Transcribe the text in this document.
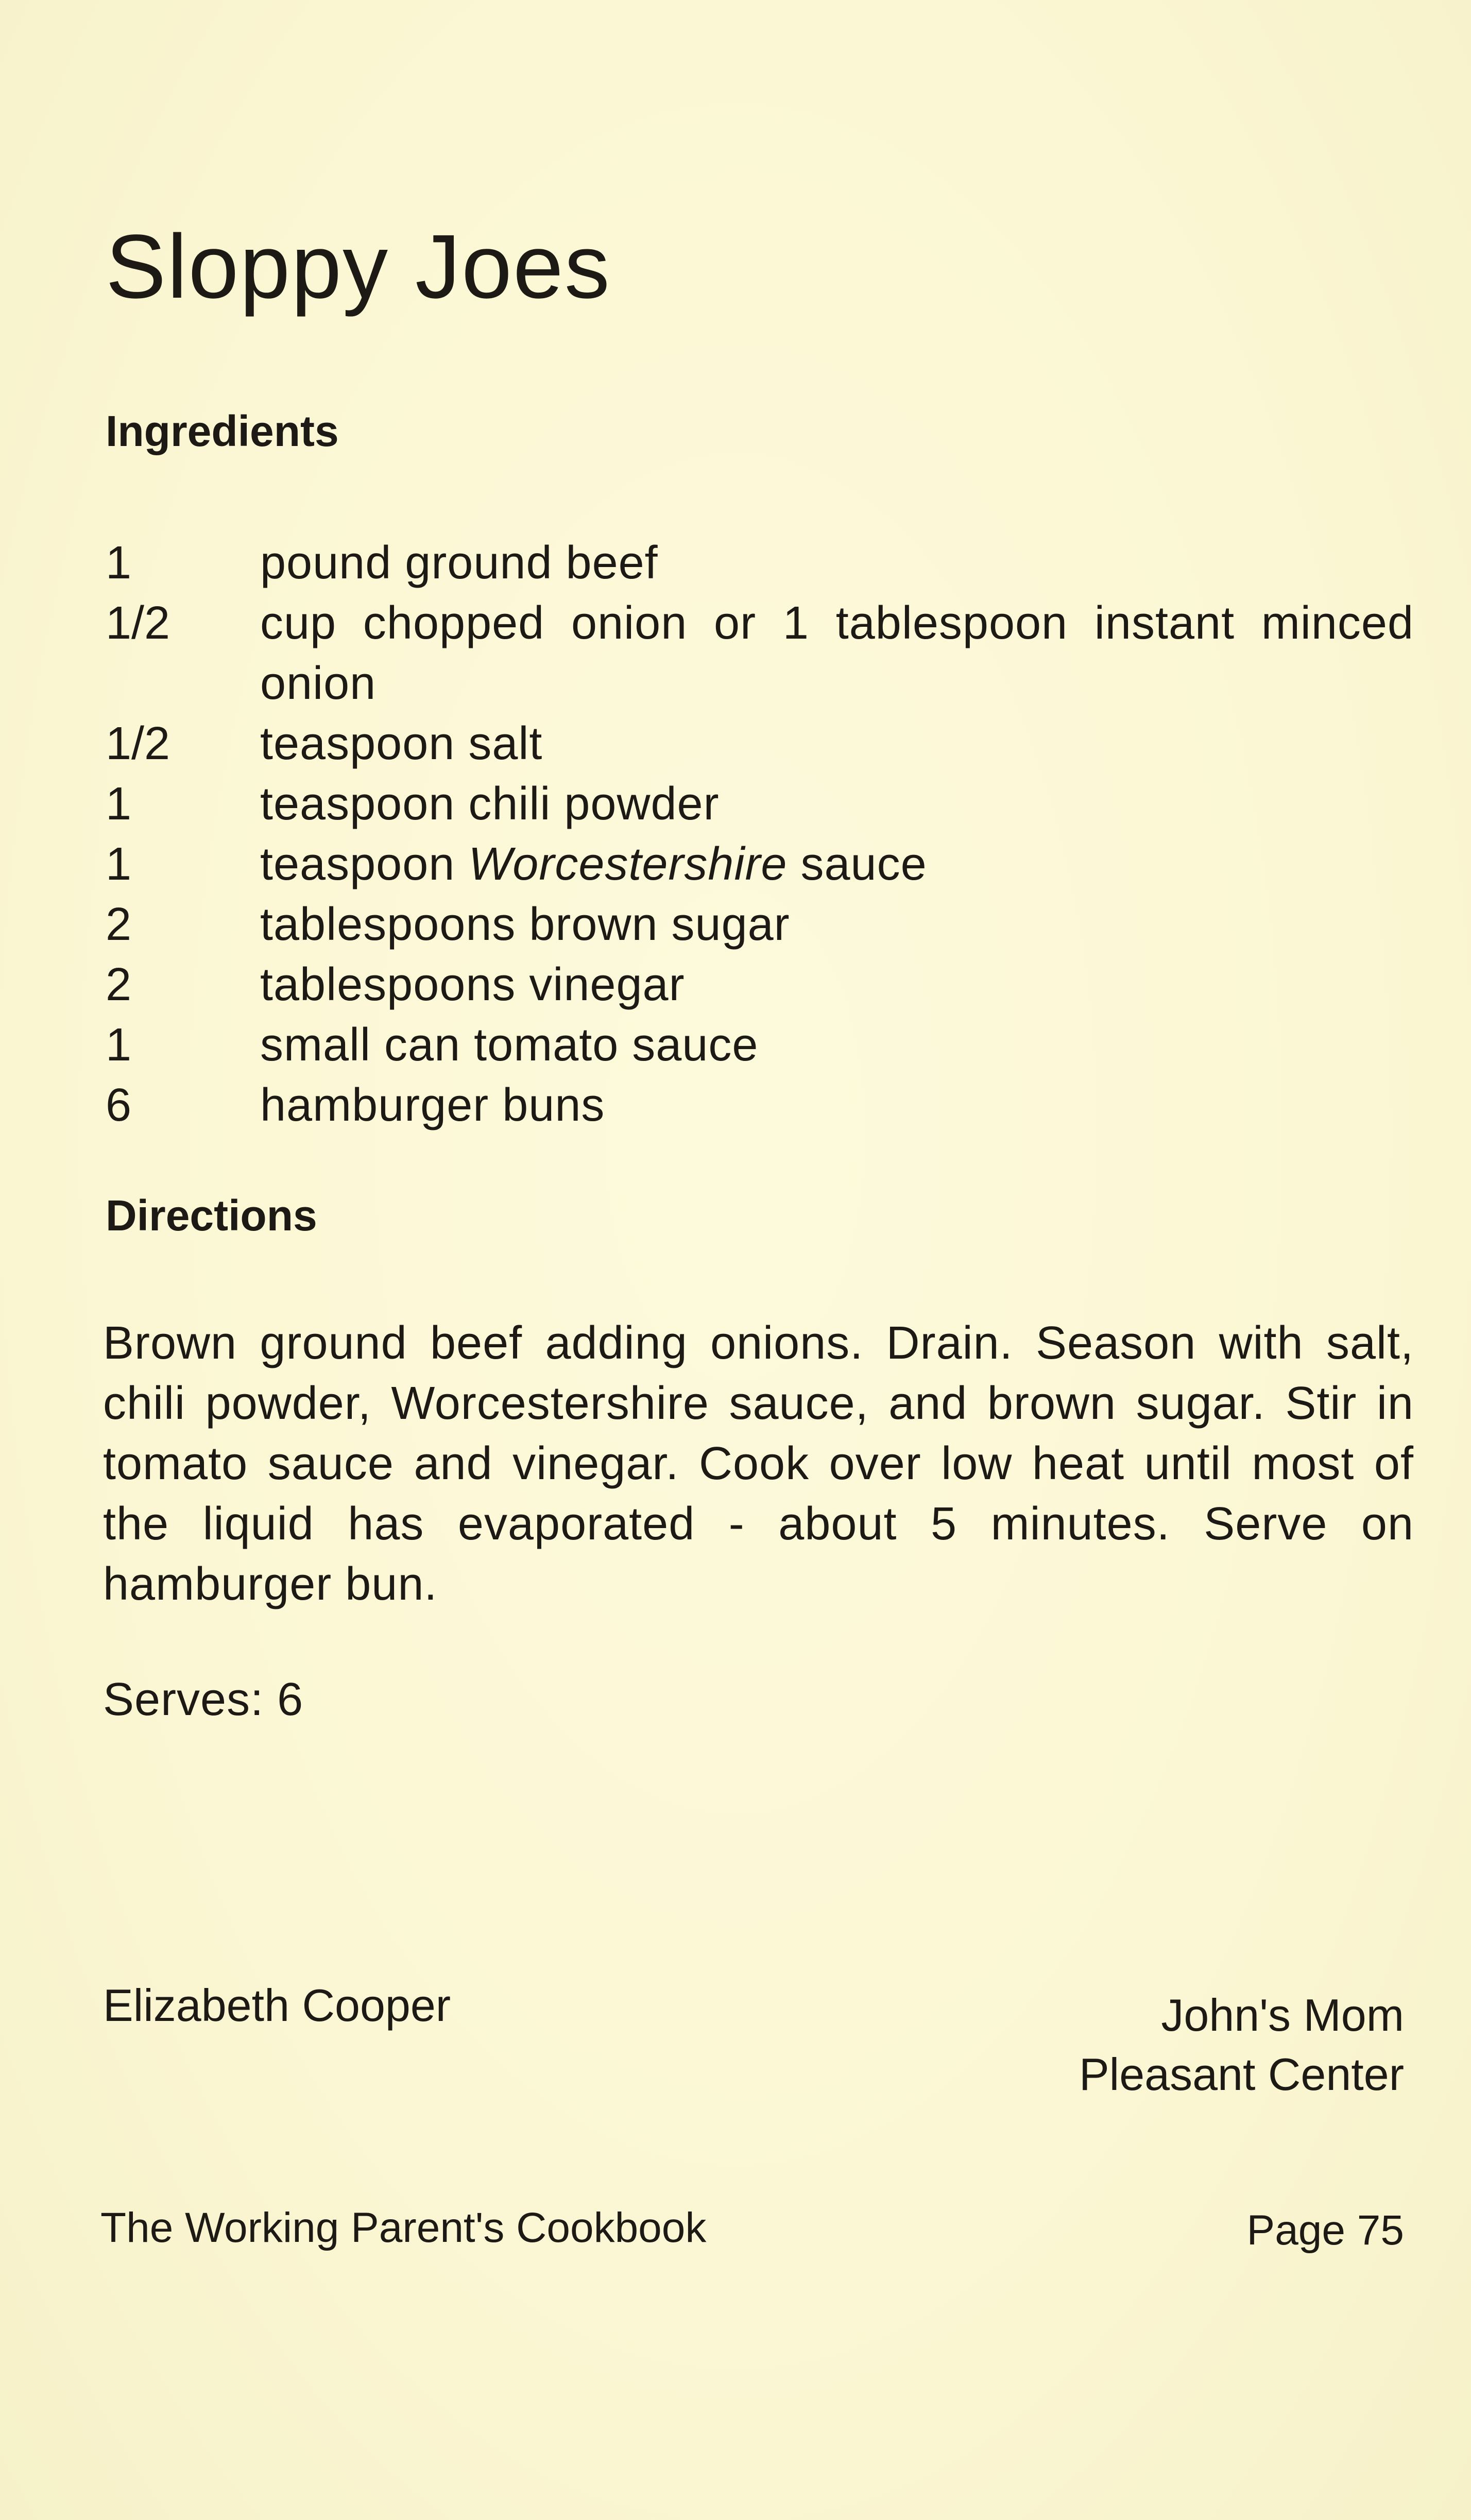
Sloppy Joes
Ingredients
1	pound ground beef
1/2	cup chopped onion or 1 tablespoon instant minced onion
1/2	teaspoon salt
1	teaspoon chili powder
1	teaspoon Worcestershire sauce
2	tablespoons brown sugar
2	tablespoons vinegar
1	small can tomato sauce
6	hamburger buns
Directions

Brown ground beef adding onions. Drain. Season with salt, chili powder, Worcestershire sauce, and brown sugar. Stir in tomato sauce and vinegar. Cook over low heat until most of the liquid has evaporated - about 5 minutes. Serve on hamburger bun.

Serves: 6
Elizabeth Cooper	John's Mom
Pleasant Center
The Working Parent's Cookbook	Page 75
